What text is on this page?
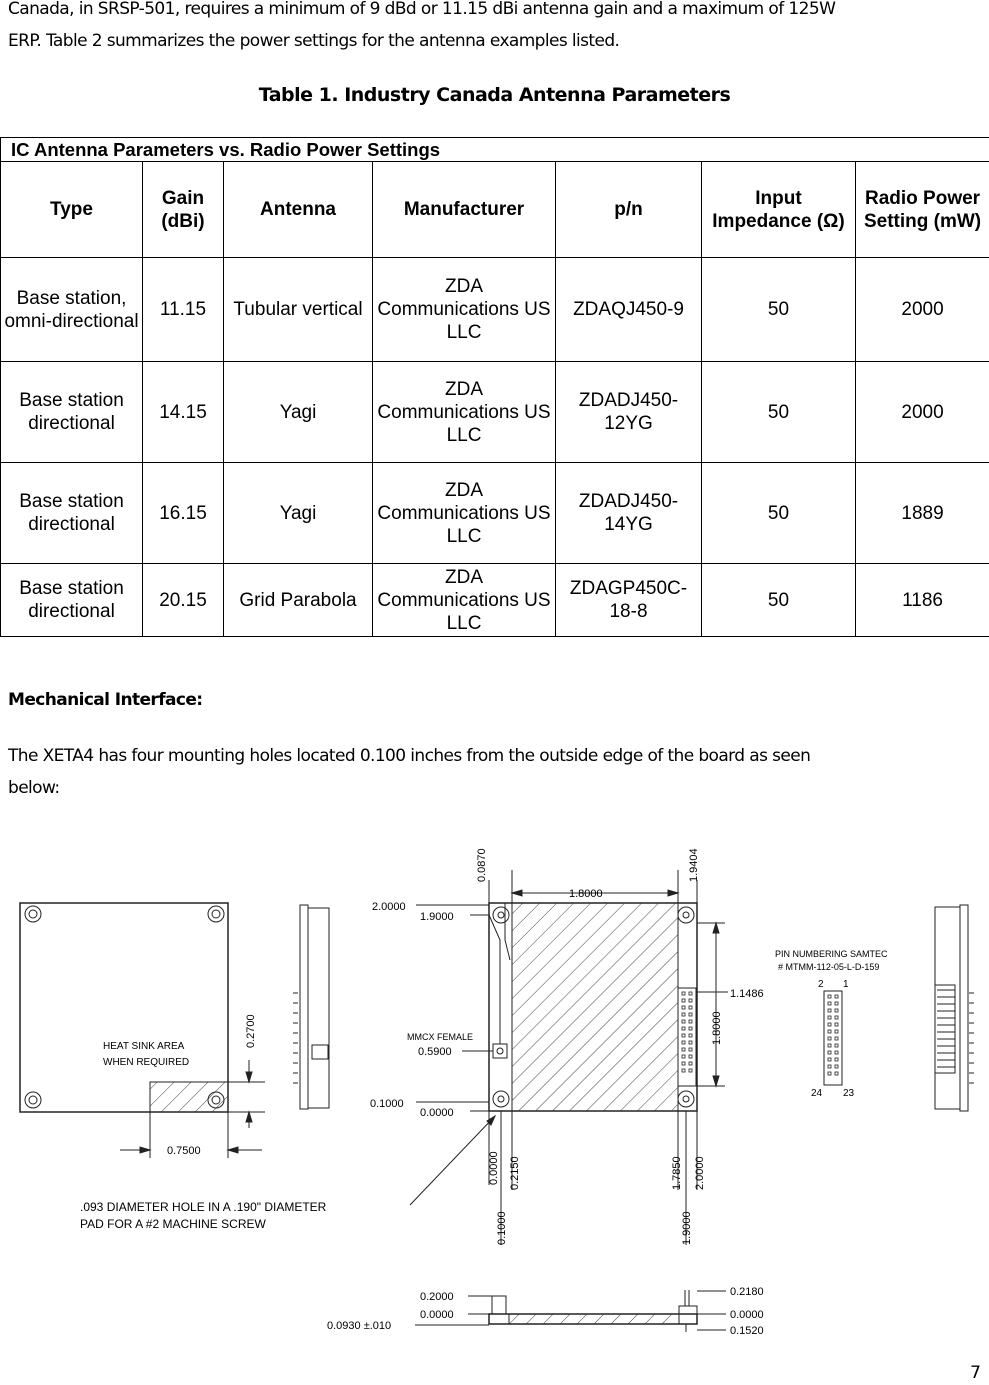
Canada, in SRSP-501, requires a minimum of 9 dBd or 11.15 dBi antenna gain and a maximum of 125W
ERP. Table 2 summarizes the power settings for the antenna examples listed.
Table 1. Industry Canada Antenna Parameters
IC Antenna Parameters vs. Radio Power Settings						
Type	Gain (dBi)	Antenna	Manufacturer	p/n	Input Impedance (Ω)	Radio Power Setting (mW)
Base station, omni-directional	11.15	Tubular vertical	ZDA Communications US LLC	ZDAQJ450-9	50	2000
Base station directional	14.15	Yagi	ZDA Communications US LLC	ZDADJ450-12YG	50	2000
Base station directional	16.15	Yagi	ZDA Communications US LLC	ZDADJ450-14YG	50	1889
Base station directional	20.15	Grid Parabola	ZDA Communications US LLC	ZDAGP450C-18-8	50	1186
Mechanical Interface:
The XETA4 has four mounting holes located 0.100 inches from the outside edge of the board as seen
below:
HEAT SINK AREA
WHEN REQUIRED
0.2700
0.7500
0.0870
1.8000
1.9404
2.0000
1.9000
MMCX FEMALE
0.5900
0.1000
0.0000
1.1486
1.8000
0.0000 0.2150
0.1000
1.7850 2.0000
1.9000
.093 DIAMETER HOLE IN A .190" DIAMETER
PAD FOR A #2 MACHINE SCREW
PIN NUMBERING SAMTEC
# MTMM-112-05-L-D-159
2 1
24 23
0.2000
0.0000
0.0930 ±.010
0.2180
0.0000
0.1520
7
